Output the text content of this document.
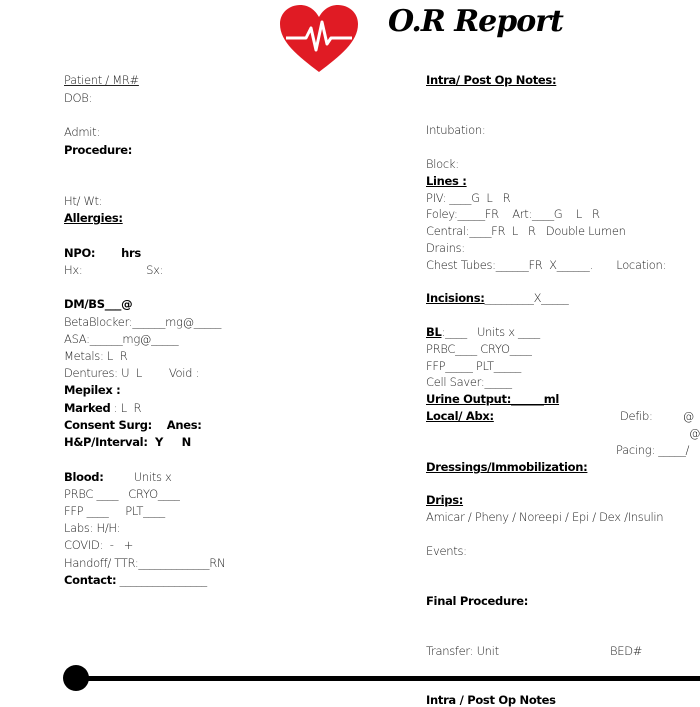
O.R Report
Patient / MR#
DOB:
Admit:
Procedure:
Ht/ Wt:
Allergies:
NPO:       hrs
Hx:                   Sx:
DM/BS___@
BetaBlocker:______mg@_____
ASA:______mg@_____
Metals: L  R
Dentures: U  L        Void :
Mepilex :
Marked : L  R
Consent Surg:    Anes:
H&P/Interval:  Y     N
Blood:         Units x
PRBC ____   CRYO____
FFP ____     PLT____
Labs: H/H:
COVID:  -   +
Handoff/ TTR:_____________RN
Contact: ________________
Intra/ Post Op Notes:
Intubation:
Block:
Lines :
PIV: ____G  L   R
Foley:_____FR    Art:____G    L   R
Central:____FR  L   R   Double Lumen
Drains:
Chest Tubes:______FR  X______.       Location:
Incisions:_________X_____
BL:____   Units x ____
PRBC____ CRYO____
FFP_____ PLT_____
Cell Saver:_____
Urine Output:______ml
Local/ Abx:	Defib:         @
@
Pacing: _____/
Dressings/Immobilization:
Drips:
Amicar / Pheny / Noreepi / Epi / Dex /Insulin
Events:
Final Procedure:
Transfer: Unit	BED#
Intra / Post Op Notes
